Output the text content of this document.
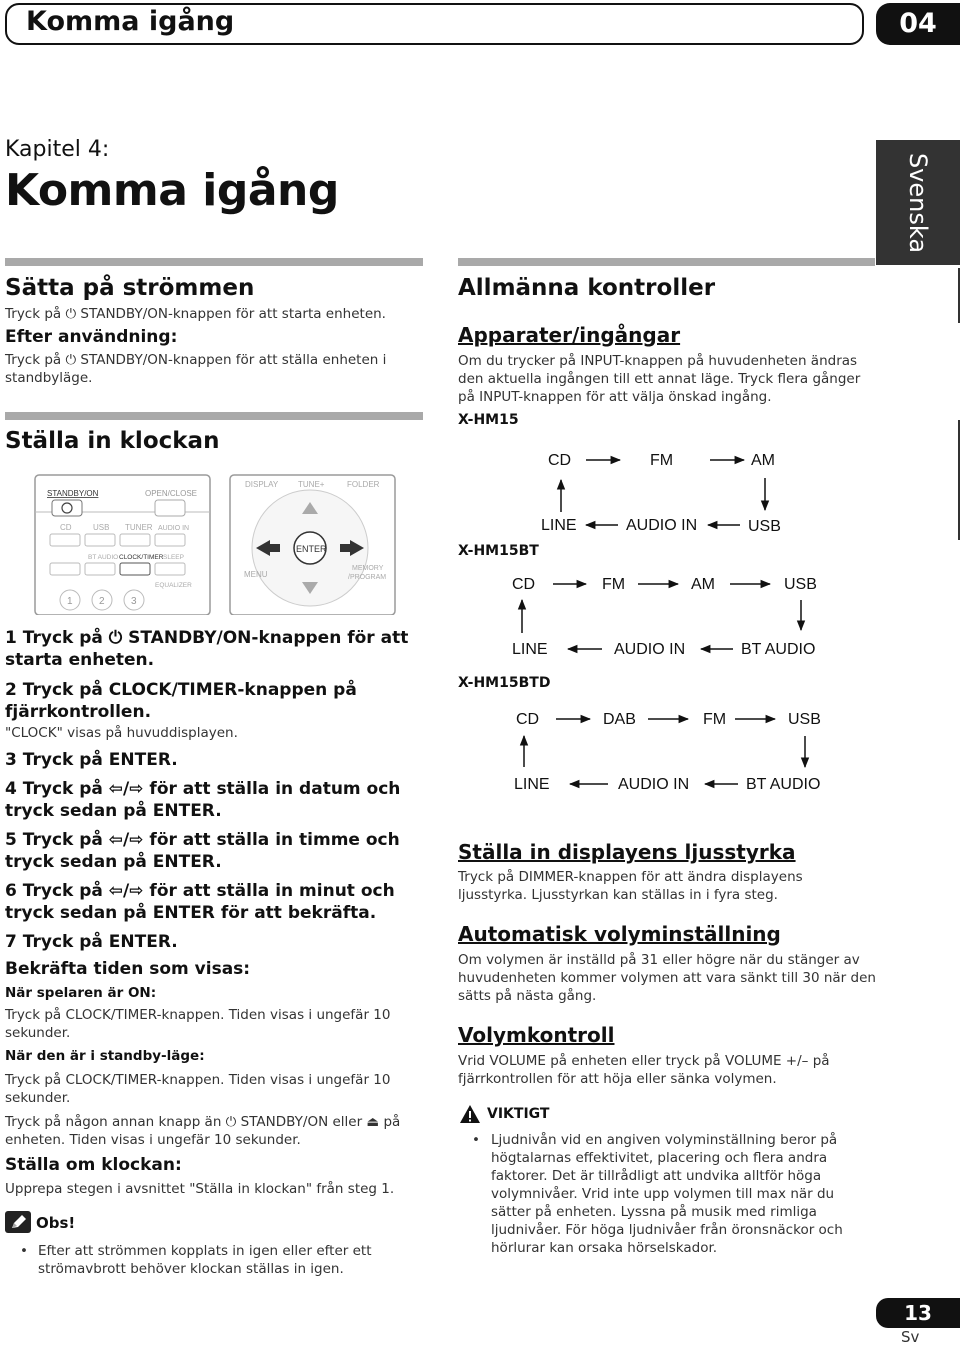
Komma igång	04
Kapitel 4:
Komma igång	Svenska
Sätta på strömmen
Tryck på ⏻ STANDBY/ON-knappen för att starta enheten.
Efter användning:
Tryck på ⏻ STANDBY/ON-knappen för att ställa enheten i standbyläge.
Ställa in klockan
STANDBY/ON	OPEN/CLOSE
CD	USB TUNER AUDIO IN
BT AUDIO CLOCK/TIMER SLEEP
EQUALIZER
1	2	3
DISPLAY TUNE+	FOLDER
ENTER
MENU
MEMORY
/PROGRAM
1 Tryck på ⏻ STANDBY/ON-knappen för att starta enheten.
2 Tryck på CLOCK/TIMER-knappen på fjärrkontrollen.
"CLOCK" visas på huvuddisplayen.
3 Tryck på ENTER.
4 Tryck på ⇦/⇨ för att ställa in datum och tryck sedan på ENTER.
5 Tryck på ⇦/⇨ för att ställa in timme och tryck sedan på ENTER.
6 Tryck på ⇦/⇨ för att ställa in minut och tryck sedan på ENTER för att bekräfta.
7 Tryck på ENTER.
Bekräfta tiden som visas:
När spelaren är ON:
Tryck på CLOCK/TIMER-knappen. Tiden visas i ungefär 10 sekunder.
När den är i standby-läge:
Tryck på CLOCK/TIMER-knappen. Tiden visas i ungefär 10 sekunder.
Tryck på någon annan knapp än ⏻ STANDBY/ON eller ⏏ på enheten. Tiden visas i ungefär 10 sekunder.
Ställa om klockan:
Upprepa stegen i avsnittet "Ställa in klockan" från steg 1.
Obs!
• Efter att strömmen kopplats in igen eller efter ett strömavbrott behöver klockan ställas in igen.
Allmänna kontroller
Apparater/ingångar
Om du trycker på INPUT-knappen på huvudenheten ändras den aktuella ingången till ett annat läge. Tryck flera gånger på INPUT-knappen för att välja önskad ingång.
X-HM15
X-HM15BT
X-HM15BTD
CD	FM	AM
LINE	AUDIO IN	USB
CD	FM	AM	USB
LINE	AUDIO IN	BT AUDIO
CD	DAB	FM	USB
LINE	AUDIO IN	BT AUDIO
Ställa in displayens ljusstyrka
Tryck på DIMMER-knappen för att ändra displayens ljusstyrka. Ljusstyrkan kan ställas in i fyra steg.
Automatisk volyminställning
Om volymen är inställd på 31 eller högre när du stänger av huvudenheten kommer volymen att vara sänkt till 30 när den sätts på nästa gång.
Volymkontroll
Vrid VOLUME på enheten eller tryck på VOLUME +/– på fjärrkontrollen för att höja eller sänka volymen.
VIKTIGT
• Ljudnivån vid en angiven volyminställning beror på högtalarnas effektivitet, placering och flera andra faktorer. Det är tillrådligt att undvika alltför höga volymnivåer. Vrid inte upp volymen till max när du sätter på enheten. Lyssna på musik med rimliga ljudnivåer. För höga ljudnivåer från öronsnäckor och hörlurar kan orsaka hörselskador.
13
Sv
